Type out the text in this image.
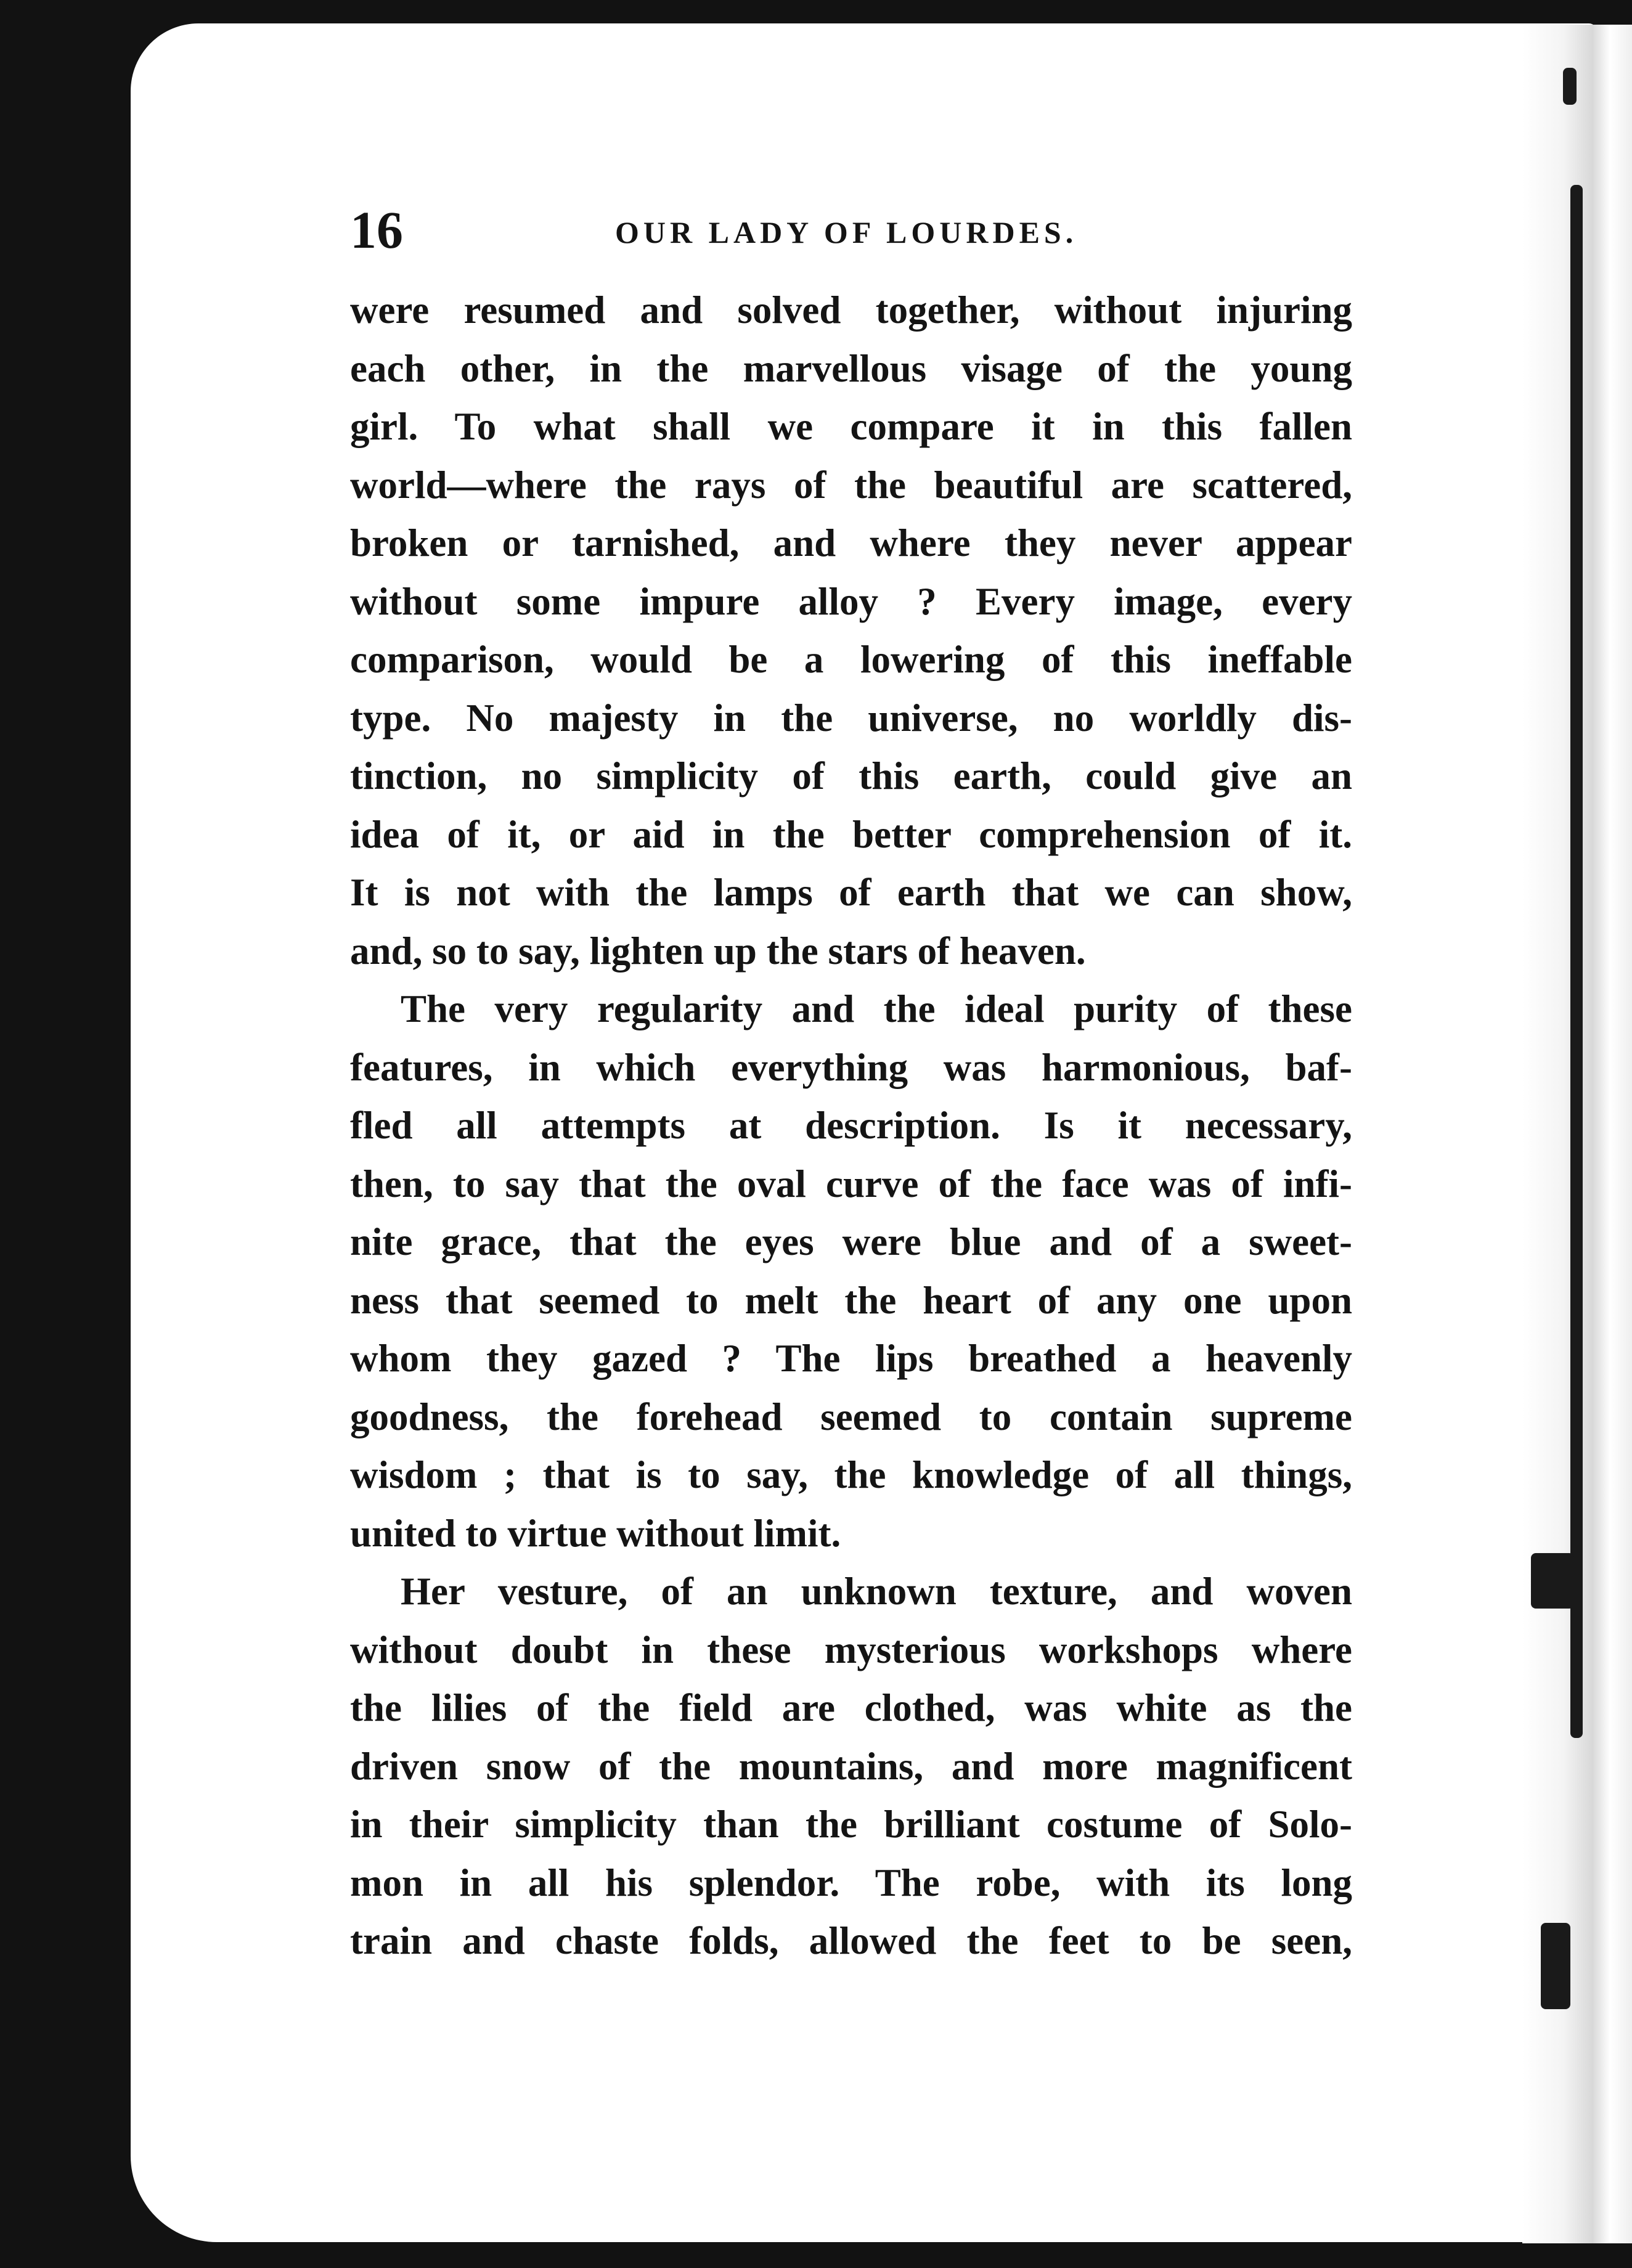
16	OUR LADY OF LOURDES.
were resumed and solved together, without injuring
each other, in the marvellous visage of the young
girl. To what shall we compare it in this fallen
world—where the rays of the beautiful are scattered,
broken or tarnished, and where they never appear
without some impure alloy ? Every image, every
comparison, would be a lowering of this ineffable
type. No majesty in the universe, no worldly dis-
tinction, no simplicity of this earth, could give an
idea of it, or aid in the better comprehension of it.
It is not with the lamps of earth that we can show,
and, so to say, lighten up the stars of heaven.
The very regularity and the ideal purity of these
features, in which everything was harmonious, baf-
fled all attempts at description. Is it necessary,
then, to say that the oval curve of the face was of infi-
nite grace, that the eyes were blue and of a sweet-
ness that seemed to melt the heart of any one upon
whom they gazed ? The lips breathed a heavenly
goodness, the forehead seemed to contain supreme
wisdom ; that is to say, the knowledge of all things,
united to virtue without limit.
Her vesture, of an unknown texture, and woven
without doubt in these mysterious workshops where
the lilies of the field are clothed, was white as the
driven snow of the mountains, and more magnificent
in their simplicity than the brilliant costume of Solo-
mon in all his splendor. The robe, with its long
train and chaste folds, allowed the feet to be seen,
